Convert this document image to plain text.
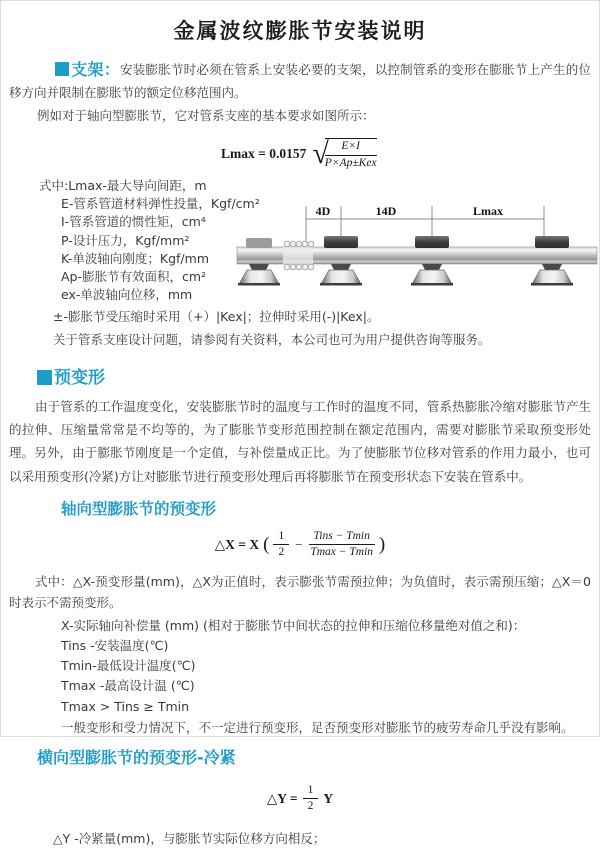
金属波纹膨胀节安装说明

支架：安装膨胀节时必须在管系上安装必要的支架，以控制管系的变形在膨胀节上产生的位移方向并限制在膨胀节的额定位移范围内。

例如对于轴向型膨胀节，它对管系支座的基本要求如图所示：

Lmax = 0.0157 √
$\frac{E\times I}{\text{P×Ap±Kex}}$
式中:Lmax-最大导向间距，m
E-管系管道材料弹性投量，Kgf/cm²
I-管系管道的惯性矩，cm⁴
P-设计压力，Kgf/mm²
K-单波轴向刚度；Kgf/mm
Ap-膨胀节有效面积，cm²
ex-单波轴向位移，mm
4D	14D	Lmax
±-膨胀节受压缩时采用（+）|Kex|；拉伸时采用(-)|Kex|。
关于管系支座设计问题，请参阅有关资料，本公司也可为用户提供咨询等服务。
预变形

由于管系的工作温度变化，安装膨胀节时的温度与工作时的温度不同，管系热膨胀冷缩对膨胀节产生的拉伸、压缩量常常是不均等的，为了膨胀节变形范围控制在额定范围内，需要对膨胀节采取预变形处理。另外，由于膨胀节刚度是一个定值，与补偿量成正比。为了使膨胀节位移对管系的作用力最小，也可以采用预变形(冷紧)方让对膨胀节进行预变形处理后再将膨胀节在预变形状态下安装在管系中。

轴向型膨胀节的预变形
△X = X ( $\frac{1}{2} - \frac{\text{Tins − Tmin}}{Tmax - Tmin}$ )

式中：△X-预变形量(mm)，△X为正值时，表示膨张节需预拉伸；为负值时，表示需预压缩；△X＝0时表示不需预变形。

X-实际轴向补偿量 (mm) (相对于膨胀节中间状态的拉伸和压缩位移量绝对值之和)：
Tins -安装温度(℃)
Tmin-最低设计温度(℃)
Tmax -最高设计温 (℃)
Tmax > Tins ≥ Tmin
一般变形和受力情况下，不一定进行预变形，足否预变形对膨胀节的疲劳寿命几乎没有影响。
横向型膨胀节的预变形-冷紧
△Y = $\frac{1}{2}$ Y
△Y -冷紧量(mm)，与膨胀节实际位移方向相反；
